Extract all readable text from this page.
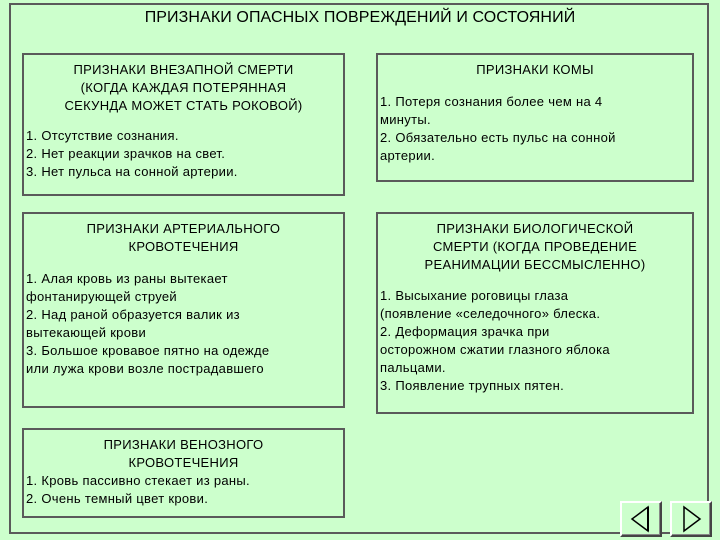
ПРИЗНАКИ ОПАСНЫХ ПОВРЕЖДЕНИЙ И СОСТОЯНИЙ
ПРИЗНАКИ ВНЕЗАПНОЙ СМЕРТИ
(КОГДА КАЖДАЯ ПОТЕРЯННАЯ
СЕКУНДА МОЖЕТ СТАТЬ РОКОВОЙ)
1. Отсутствие сознания.
2. Нет реакции зрачков на свет.
3. Нет пульса на сонной артерии.
ПРИЗНАКИ КОМЫ
1. Потеря сознания более чем на 4
минуты.
2. Обязательно есть пульс на сонной
артерии.
ПРИЗНАКИ АРТЕРИАЛЬНОГО
КРОВОТЕЧЕНИЯ
1. Алая кровь из раны вытекает
фонтанирующей струей
2. Над раной образуется валик из
вытекающей крови
3. Большое кровавое пятно на одежде
или лужа крови возле пострадавшего
ПРИЗНАКИ БИОЛОГИЧЕСКОЙ
СМЕРТИ (КОГДА ПРОВЕДЕНИЕ
РЕАНИМАЦИИ БЕССМЫСЛЕННО)
1. Высыхание роговицы глаза
(появление «селедочного» блеска.
2. Деформация зрачка при
осторожном сжатии глазного яблока
пальцами.
3. Появление трупных пятен.
ПРИЗНАКИ ВЕНОЗНОГО
КРОВОТЕЧЕНИЯ
1. Кровь пассивно стекает из раны.
2. Очень темный цвет крови.
